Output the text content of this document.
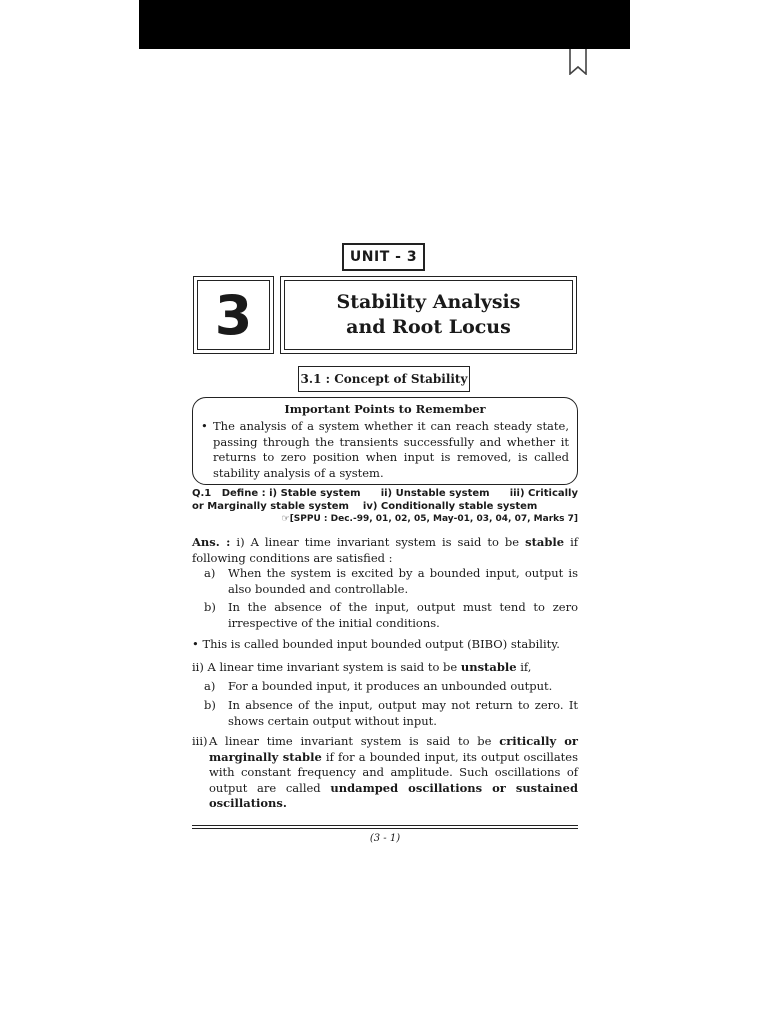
UNIT - 3
3	Stability Analysis
and Root Locus
3.1 : Concept of Stability
Important Points to Remember
• The analysis of a system whether it can reach steady state, passing through the transients successfully and whether it returns to zero position when input is removed, is called stability analysis of a system.
Q.1 Define : i) Stable system ii) Unstable system iii) Critically
or Marginally stable system iv) Conditionally stable system
☞[SPPU : Dec.-99, 01, 02, 05, May-01, 03, 04, 07, Marks 7]
Ans. : i) A linear time invariant system is said to be stable if following conditions are satisfied :
a)	When the system is excited by a bounded input, output is also bounded and controllable.
b)	In the absence of the input, output must tend to zero irrespective of the initial conditions.
• This is called bounded input bounded output (BIBO) stability.
ii) A linear time invariant system is said to be unstable if,
a)	For a bounded input, it produces an unbounded output.
b)	In absence of the input, output may not return to zero. It shows certain output without input.
iii) A linear time invariant system is said to be critically or marginally stable if for a bounded input, its output oscillates with constant frequency and amplitude. Such oscillations of output are called undamped oscillations or sustained oscillations.
(3 - 1)
